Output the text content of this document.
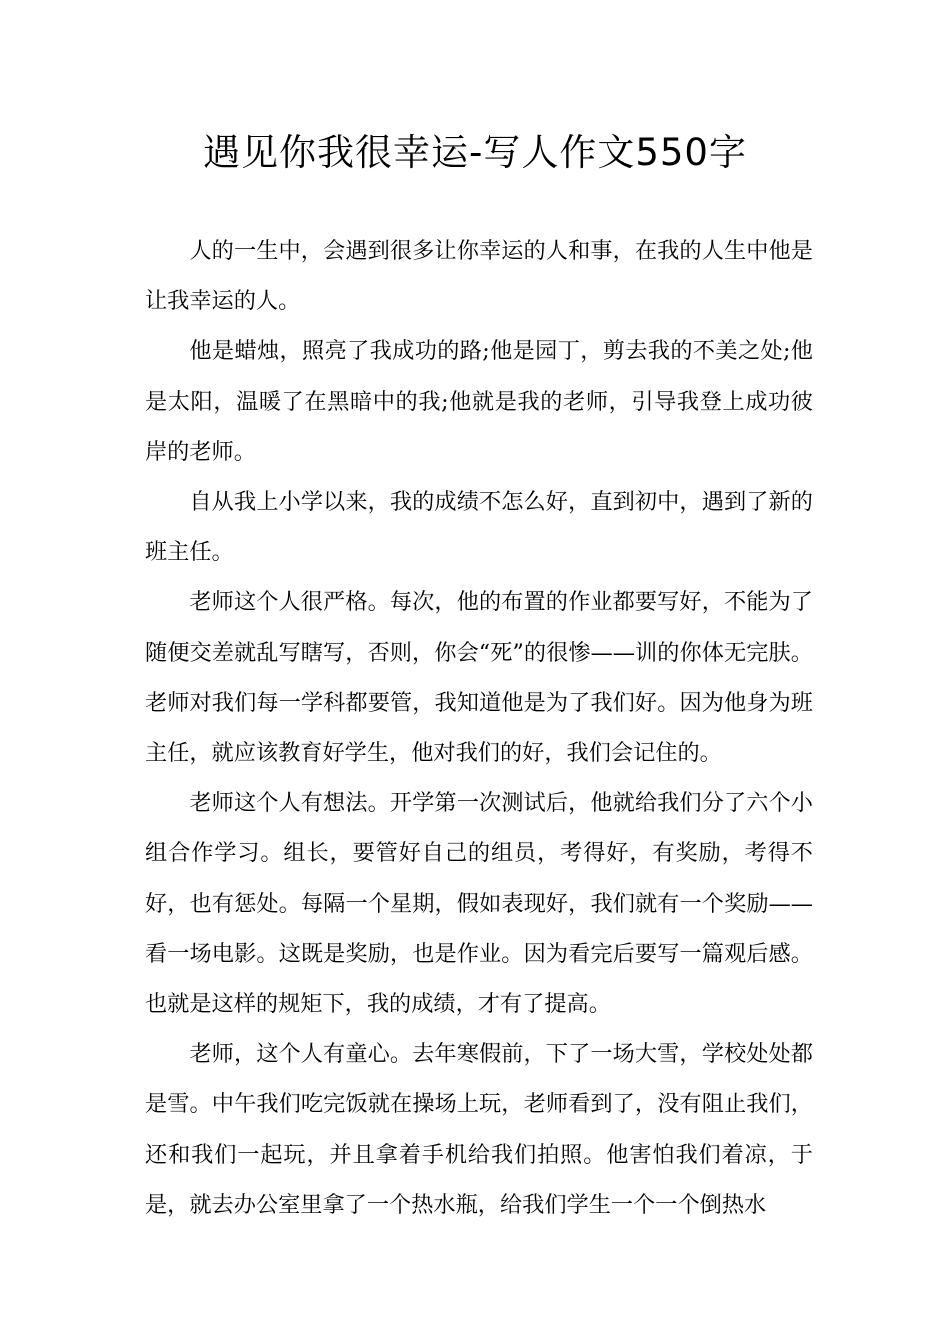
遇见你我很幸运-写人作文550字

人的一生中，会遇到很多让你幸运的人和事，在我的人生中他是让我幸运的人。

他是蜡烛，照亮了我成功的路;他是园丁，剪去我的不美之处;他是太阳，温暖了在黑暗中的我;他就是我的老师，引导我登上成功彼岸的老师。

自从我上小学以来，我的成绩不怎么好，直到初中，遇到了新的班主任。

老师这个人很严格。每次，他的布置的作业都要写好，不能为了随便交差就乱写瞎写，否则，你会“死”的很惨——训的你体无完肤。老师对我们每一学科都要管，我知道他是为了我们好。因为他身为班主任，就应该教育好学生，他对我们的好，我们会记住的。

老师这个人有想法。开学第一次测试后，他就给我们分了六个小组合作学习。组长，要管好自己的组员，考得好，有奖励，考得不好，也有惩处。每隔一个星期，假如表现好，我们就有一个奖励——看一场电影。这既是奖励，也是作业。因为看完后要写一篇观后感。也就是这样的规矩下，我的成绩，才有了提高。

老师，这个人有童心。去年寒假前，下了一场大雪，学校处处都是雪。中午我们吃完饭就在操场上玩，老师看到了，没有阻止我们，还和我们一起玩，并且拿着手机给我们拍照。他害怕我们着凉，于是，就去办公室里拿了一个热水瓶，给我们学生一个一个倒热水
